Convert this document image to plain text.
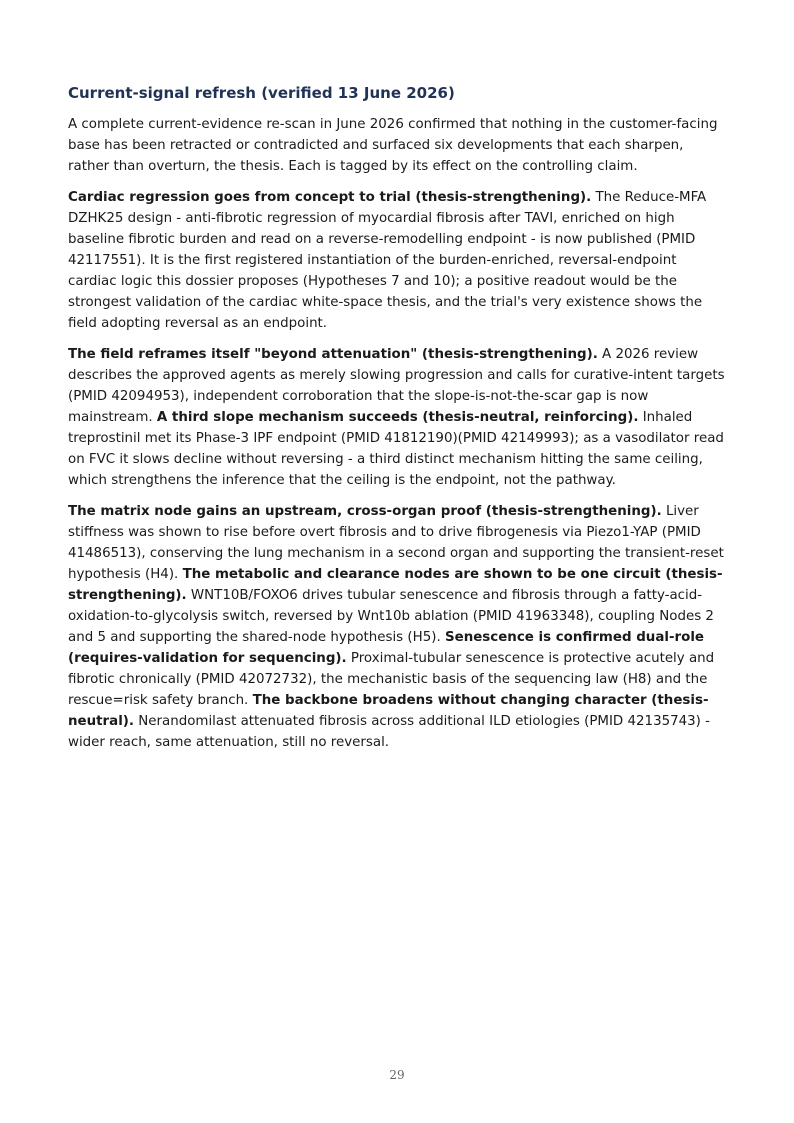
Current-signal refresh (verified 13 June 2026)

A complete current-evidence re-scan in June 2026 confirmed that nothing in the customer-facing base has been retracted or contradicted and surfaced six developments that each sharpen, rather than overturn, the thesis. Each is tagged by its effect on the controlling claim.

Cardiac regression goes from concept to trial (thesis-strengthening). The Reduce-MFA DZHK25 design - anti-fibrotic regression of myocardial fibrosis after TAVI, enriched on high baseline fibrotic burden and read on a reverse-remodelling endpoint - is now published (PMID 42117551). It is the first registered instantiation of the burden-enriched, reversal-endpoint cardiac logic this dossier proposes (Hypotheses 7 and 10); a positive readout would be the strongest validation of the cardiac white-space thesis, and the trial's very existence shows the field adopting reversal as an endpoint.

The field reframes itself "beyond attenuation" (thesis-strengthening). A 2026 review describes the approved agents as merely slowing progression and calls for curative-intent targets (PMID 42094953), independent corroboration that the slope-is-not-the-scar gap is now mainstream. A third slope mechanism succeeds (thesis-neutral, reinforcing). Inhaled treprostinil met its Phase-3 IPF endpoint (PMID 41812190)(PMID 42149993); as a vasodilator read on FVC it slows decline without reversing - a third distinct mechanism hitting the same ceiling, which strengthens the inference that the ceiling is the endpoint, not the pathway.

The matrix node gains an upstream, cross-organ proof (thesis-strengthening). Liver stiffness was shown to rise before overt fibrosis and to drive fibrogenesis via Piezo1-YAP (PMID 41486513), conserving the lung mechanism in a second organ and supporting the transient-reset hypothesis (H4). The metabolic and clearance nodes are shown to be one circuit (thesis-strengthening). WNT10B/FOXO6 drives tubular senescence and fibrosis through a fatty-acid-oxidation-to-glycolysis switch, reversed by Wnt10b ablation (PMID 41963348), coupling Nodes 2 and 5 and supporting the shared-node hypothesis (H5). Senescence is confirmed dual-role (requires-validation for sequencing). Proximal-tubular senescence is protective acutely and fibrotic chronically (PMID 42072732), the mechanistic basis of the sequencing law (H8) and the rescue=risk safety branch. The backbone broadens without changing character (thesis-neutral). Nerandomilast attenuated fibrosis across additional ILD etiologies (PMID 42135743) - wider reach, same attenuation, still no reversal.

29
